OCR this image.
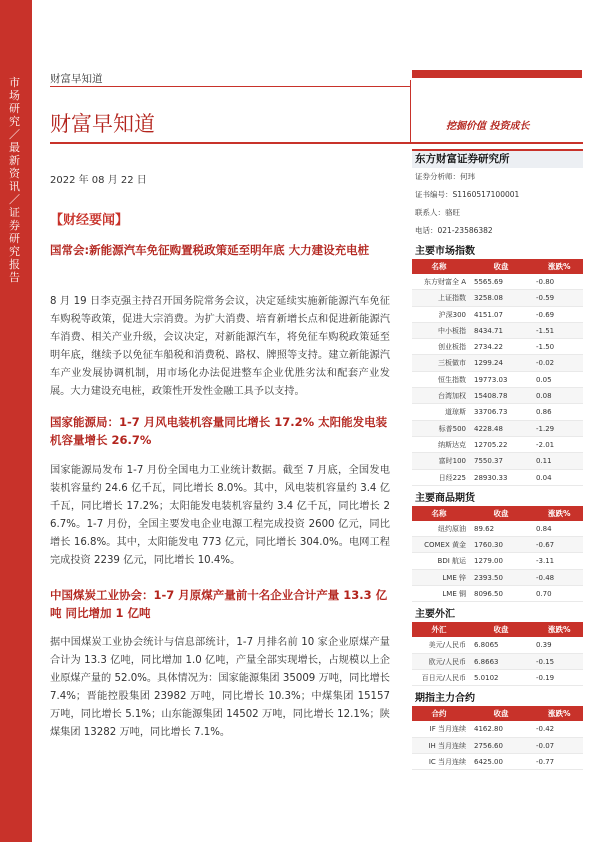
市场研究／最新资讯／证券研究报告
财富早知道
财富早知道	挖掘价值 投资成长
2022 年 08 月 22 日
【财经要闻】
国常会:新能源汽车免征购置税政策延至明年底 大力建设充电桩
8 月 19 日李克强主持召开国务院常务会议，决定延续实施新能源汽车免征车购税等政策，促进大宗消费。为扩大消费、培育新增长点和促进新能源汽车消费、相关产业升级，会议决定，对新能源汽车，将免征车购税政策延至明年底，继续予以免征车船税和消费税、路权、牌照等支持。建立新能源汽车产业发展协调机制，用市场化办法促进整车企业优胜劣汰和配套产业发展。大力建设充电桩，政策性开发性金融工具予以支持。
国家能源局：1-7 月风电装机容量同比增长 17.2% 太阳能发电装机容量增长 26.7%
国家能源局发布 1-7 月份全国电力工业统计数据。截至 7 月底，全国发电装机容量约 24.6 亿千瓦，同比增长 8.0%。其中，风电装机容量约 3.4 亿千瓦，同比增长 17.2%；太阳能发电装机容量约 3.4 亿千瓦，同比增长 26.7%。1-7 月份，全国主要发电企业电源工程完成投资 2600 亿元，同比增长 16.8%。其中，太阳能发电 773 亿元，同比增长 304.0%。电网工程完成投资 2239 亿元，同比增长 10.4%。
中国煤炭工业协会：1-7 月原煤产量前十名企业合计产量 13.3 亿吨 同比增加 1 亿吨
据中国煤炭工业协会统计与信息部统计，1-7 月排名前 10 家企业原煤产量合计为 13.3 亿吨，同比增加 1.0 亿吨，产量全部实现增长，占规模以上企业原煤产量的 52.0%。具体情况为：国家能源集团 35009 万吨，同比增长 7.4%；晋能控股集团 23982 万吨，同比增长 10.3%；中煤集团 15157 万吨，同比增长 5.1%；山东能源集团 14502 万吨，同比增长 12.1%；陕煤集团 13282 万吨，同比增长 7.1%。
东方财富证券研究所
证券分析师：何玮
证书编号：S1160517100001
联系人：骆旺
电话：021-23586382
主要市场指数
名称	收盘	涨跌%
东方财富全 A	5565.69	-0.80
上证指数	3258.08	-0.59
沪深300	4151.07	-0.69
中小板指	8434.71	-1.51
创业板指	2734.22	-1.50
三板做市	1299.24	-0.02
恒生指数	19773.03	0.05
台湾加权	15408.78	0.08
道琼斯	33706.73	0.86
标普500	4228.48	-1.29
纳斯达克	12705.22	-2.01
富时100	7550.37	0.11
日经225	28930.33	0.04
主要商品期货
名称	收盘	涨跌%
纽约原油	89.62	0.84
COMEX 黄金	1760.30	-0.67
BDI 航运	1279.00	-3.11
LME 锌	2393.50	-0.48
LME 铜	8096.50	0.70
主要外汇
外汇	收盘	涨跌%
美元/人民币	6.8065	0.39
欧元/人民币	6.8663	-0.15
百日元/人民币	5.0102	-0.19
期指主力合约
合约	收盘	涨跌%
IF 当月连续	4162.80	-0.42
IH 当月连续	2756.60	-0.07
IC 当月连续	6425.00	-0.77
